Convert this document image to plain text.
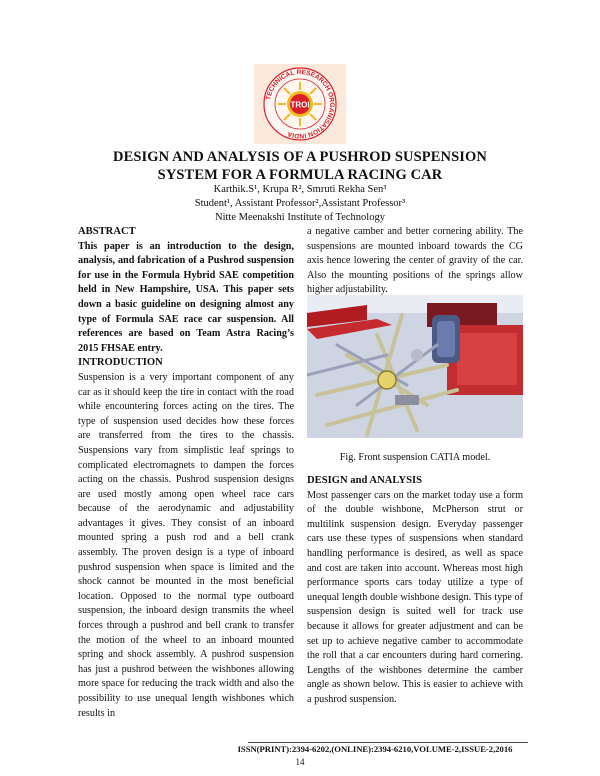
TROI
TECHNICAL RESEARCH ORGANISATION INDIA
DESIGN AND ANALYSIS OF A PUSHROD SUSPENSION
SYSTEM FOR A FORMULA RACING CAR
Karthik.S¹, Krupa R², Smruti Rekha Sen³
Student¹, Assistant Professor²,Assistant Professor³
Nitte Meenakshi Institute of Technology

ABSTRACT

This paper is an introduction to the design, analysis, and fabrication of a Pushrod suspension for use in the Formula Hybrid SAE competition held in New Hampshire, USA. This paper sets down a basic guideline on designing almost any type of Formula SAE race car suspension. All references are based on Team Astra Racing’s 2015 FHSAE entry.

INTRODUCTION

Suspension is a very important component of any car as it should keep the tire in contact with the road while encountering forces acting on the tires. The type of suspension used decides how these forces are transferred from the tires to the chassis. Suspensions vary from simplistic leaf springs to complicated electromagnets to dampen the forces acting on the chassis. Pushrod suspension designs are used mostly among open wheel race cars because of the aerodynamic and adjustability advantages it gives. They consist of an inboard mounted spring a push rod and a bell crank assembly. The proven design is a type of inboard pushrod suspension when space is limited and the shock cannot be mounted in the most beneficial location. Opposed to the normal type outboard suspension, the inboard design transmits the wheel forces through a pushrod and bell crank to transfer the motion of the wheel to an inboard mounted spring and shock assembly. A pushrod suspension has just a pushrod between the wishbones allowing more space for reducing the track width and also the possibility to use unequal length wishbones which results in

a negative camber and better cornering ability. The suspensions are mounted inboard towards the CG axis hence lowering the center of gravity of the car. Also the mounting positions of the springs allow higher adjustability.

Fig. Front suspension CATIA model.

DESIGN and ANALYSIS

Most passenger cars on the market today use a form of the double wishbone, McPherson strut or multilink suspension design. Everyday passenger cars use these types of suspensions when standard handling performance is desired, as well as space and cost are taken into account. Whereas most high performance sports cars today utilize a type of unequal length double wishbone design. This type of suspension design is suited well for track use because it allows for greater adjustment and can be set up to achieve negative camber to accommodate the roll that a car encounters during hard cornering. Lengths of the wishbones determine the camber angle as shown below. This is easier to achieve with a pushrod suspension.

ISSN(PRINT):2394-6202,(ONLINE):2394-6210,VOLUME-2,ISSUE-2,2016
14
